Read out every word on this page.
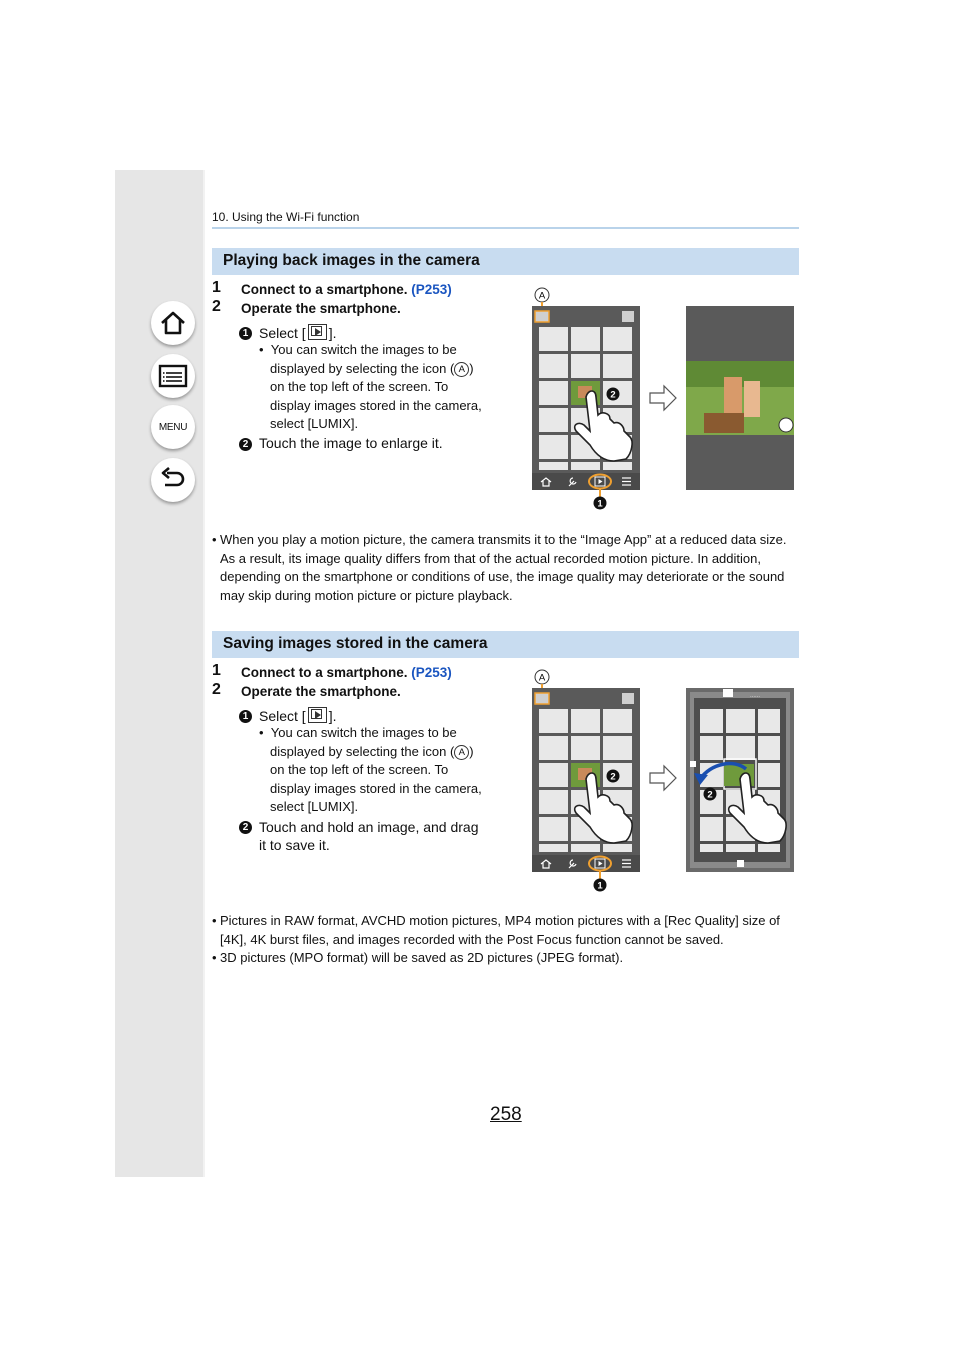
MENU
10. Using the Wi-Fi function
Playing back images in the camera
1 Connect to a smartphone. (P253)
2 Operate the smartphone.
1 Select [ ].
• You can switch the images to be
displayed by selecting the icon ( A )
on the top left of the screen. To
display images stored in the camera,
select [LUMIX].
2 Touch the image to enlarge it.
A
1
2
• When you play a motion picture, the camera transmits it to the “Image App” at a reduced data size. As a result, its image quality differs from that of the actual recorded motion picture. In addition, depending on the smartphone or conditions of use, the image quality may deteriorate or the sound may skip during motion picture or picture playback.
Saving images stored in the camera
1 Connect to a smartphone. (P253)
2 Operate the smartphone.
1 Select [ ].
• You can switch the images to be
displayed by selecting the icon ( A )
on the top left of the screen. To
display images stored in the camera,
select [LUMIX].
2 Touch and hold an image, and drag
it to save it.
A
1
2
......
2
• Pictures in RAW format, AVCHD motion pictures, MP4 motion pictures with a [Rec Quality] size of [4K], 4K burst files, and images recorded with the Post Focus function cannot be saved.
• 3D pictures (MPO format) will be saved as 2D pictures (JPEG format).
258
